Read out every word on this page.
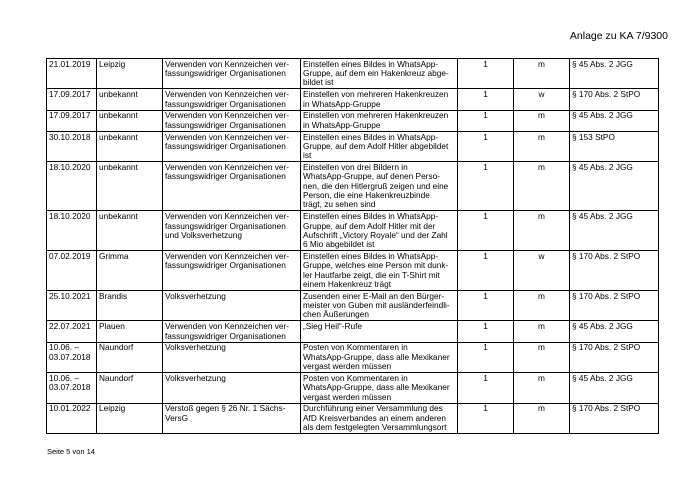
Anlage zu KA 7/9300
21.01.2019	Leipzig	Verwenden von Kennzeichen ver-
fassungswidriger Organisationen	Einstellen eines Bildes in WhatsApp-
Gruppe, auf dem ein Hakenkreuz abge-
bildet ist	1	m	§ 45 Abs. 2 JGG
17.09.2017	unbekannt	Verwenden von Kennzeichen ver-
fassungswidriger Organisationen	Einstellen von mehreren Hakenkreuzen
in WhatsApp-Gruppe	1	w	§ 170 Abs. 2 StPO
17.09.2017	unbekannt	Verwenden von Kennzeichen ver-
fassungswidriger Organisationen	Einstellen von mehreren Hakenkreuzen
in WhatsApp-Gruppe	1	m	§ 45 Abs. 2 JGG
30.10.2018	unbekannt	Verwenden von Kennzeichen ver-
fassungswidriger Organisationen	Einstellen eines Bildes in WhatsApp-
Gruppe, auf dem Adolf Hitler abgebildet
ist	1	m	§ 153 StPO
18.10.2020	unbekannt	Verwenden von Kennzeichen ver-
fassungswidriger Organisationen	Einstellen von drei Bildern in
WhatsApp-Gruppe, auf denen Perso-
nen, die den Hitlergruß zeigen und eine
Person, die eine Hakenkreuzbinde
trägt, zu sehen sind	1	m	§ 45 Abs. 2 JGG
18.10.2020	unbekannt	Verwenden von Kennzeichen ver-
fassungswidriger Organisationen
und Volksverhetzung	Einstellen eines Bildes in WhatsApp-
Gruppe, auf dem Adolf Hitler mit der
Aufschrift „Victory Royale“ und der Zahl
6 Mio abgebildet ist	1	m	§ 45 Abs. 2 JGG
07.02.2019	Grimma	Verwenden von Kennzeichen ver-
fassungswidriger Organisationen	Einstellen eines Bildes in WhatsApp-
Gruppe, welches eine Person mit dunk-
ler Hautfarbe zeigt, die ein T-Shirt mit
einem Hakenkreuz trägt	1	w	§ 170 Abs. 2 StPO
25.10.2021	Brandis	Volksverhetzung	Zusenden einer E-Mail an den Bürger-
meister von Guben mit ausländerfeindli-
chen Äußerungen	1	m	§ 170 Abs. 2 StPO
22.07.2021	Plauen	Verwenden von Kennzeichen ver-
fassungswidriger Organisationen	„Sieg Heil“-Rufe	1	m	§ 45 Abs. 2 JGG
10.06. –
03.07.2018	Naundorf	Volksverhetzung	Posten von Kommentaren in
WhatsApp-Gruppe, dass alle Mexikaner
vergast werden müssen	1	m	§ 170 Abs. 2 StPO
10.06. –
03.07.2018	Naundorf	Volksverhetzung	Posten von Kommentaren in
WhatsApp-Gruppe, dass alle Mexikaner
vergast werden müssen	1	m	§ 45 Abs. 2 JGG
10.01.2022	Leipzig	Verstoß gegen § 26 Nr. 1 Sächs-
VersG	Durchführung einer Versammlung des
AfD Kreisverbandes an einem anderen
als dem festgelegten Versammlungsort	1	m	§ 170 Abs. 2 StPO
Seite 5 von 14
